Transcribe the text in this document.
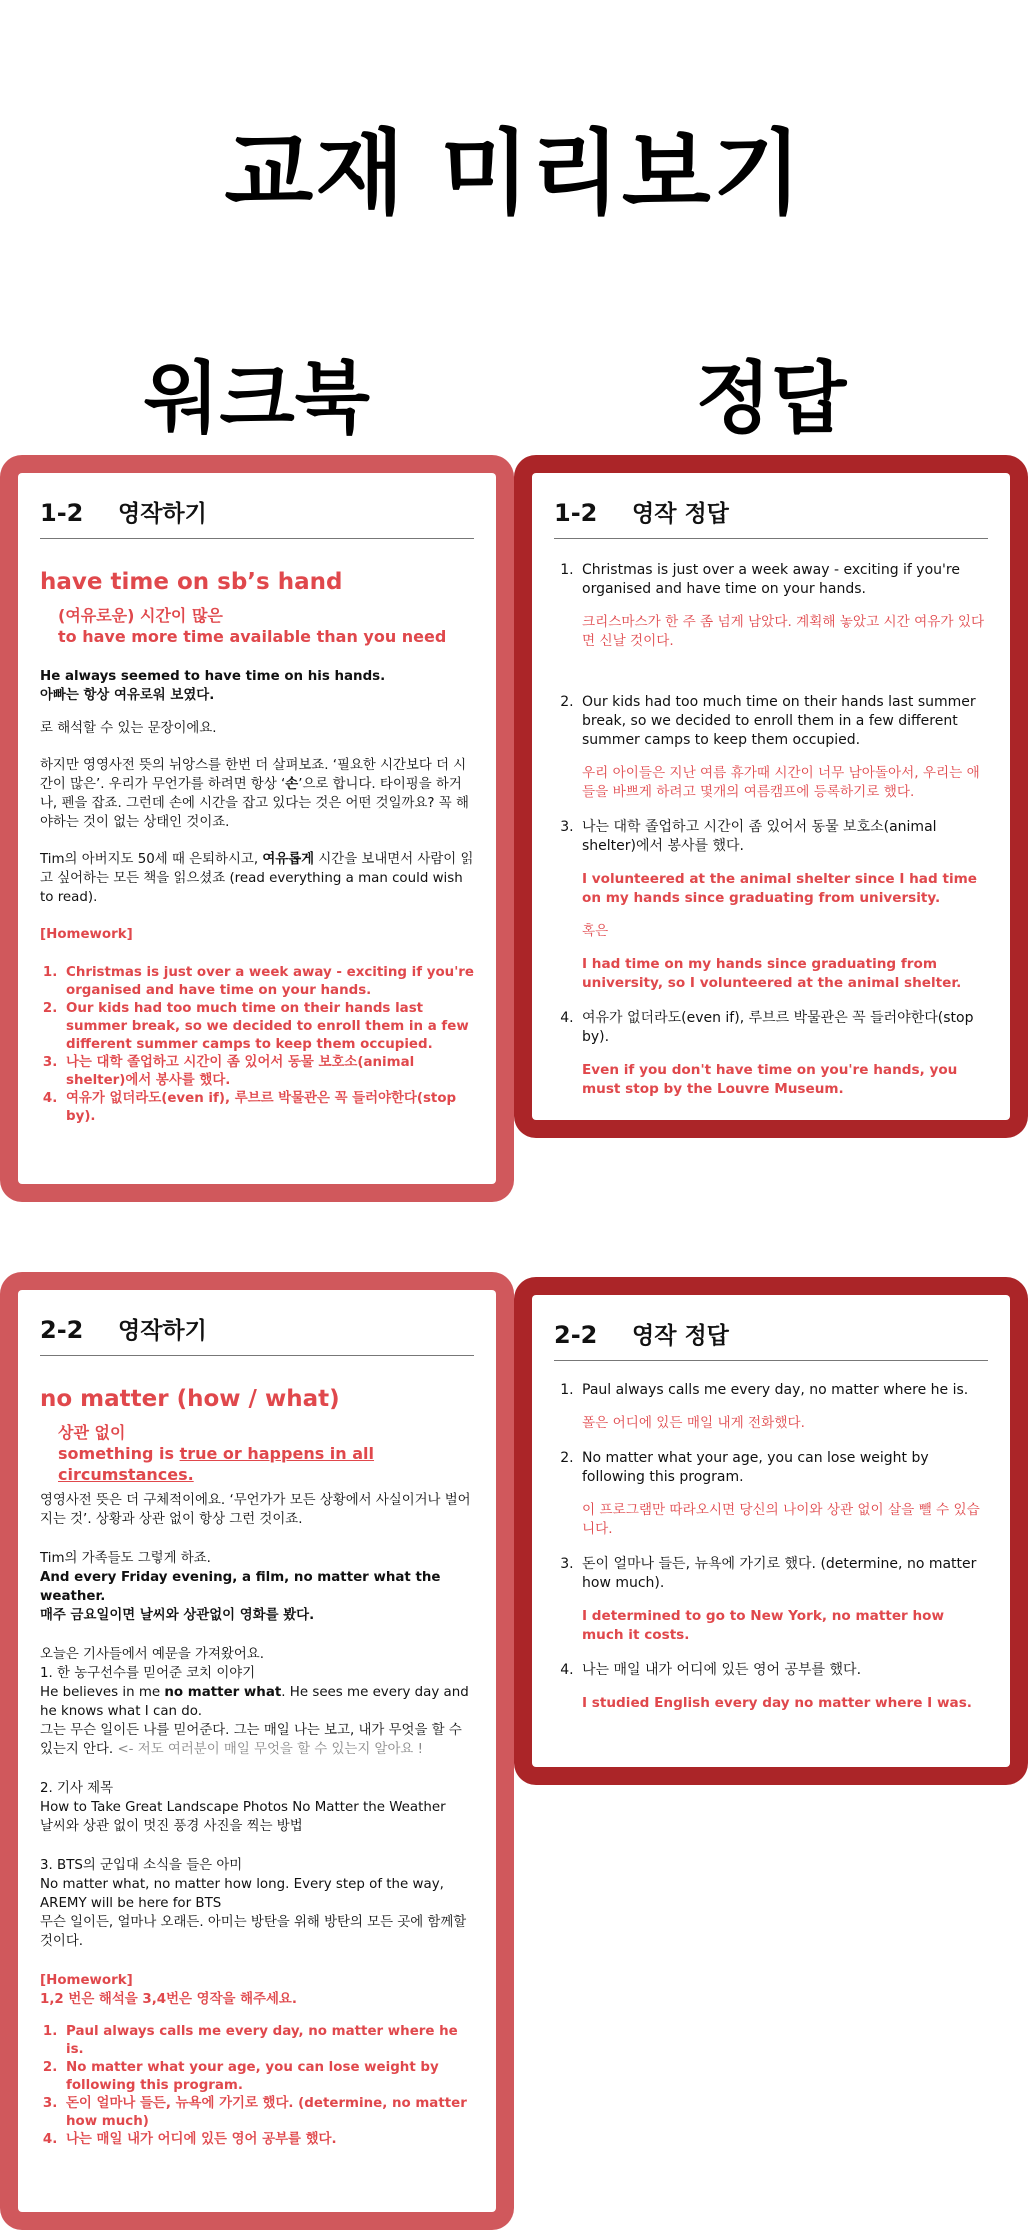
교재 미리보기
워크북	정답
1-2	영작하기
have time on sb’s hand
(여유로운) 시간이 많은
to have more time available than you need
He always seemed to have time on his hands.
아빠는 항상 여유로워 보였다.
로 해석할 수 있는 문장이에요.
하지만 영영사전 뜻의 뉘앙스를 한번 더 살펴보죠. ‘필요한 시간보다 더 시간이 많은’. 우리가 무언가를 하려면 항상 ‘손’으로 합니다. 타이핑을 하거나, 펜을 잡죠. 그런데 손에 시간을 잡고 있다는 것은 어떤 것일까요? 꼭 해야하는 것이 없는 상태인 것이죠.
Tim의 아버지도 50세 때 은퇴하시고, 여유롭게 시간을 보내면서 사람이 읽고 싶어하는 모든 책을 읽으셨죠 (read everything a man could wish to read).
[Homework]
1. Christmas is just over a week away - exciting if you're organised and have time on your hands.
2. Our kids had too much time on their hands last summer break, so we decided to enroll them in a few different summer camps to keep them occupied.
3. 나는 대학 졸업하고 시간이 좀 있어서 동물 보호소(animal shelter)에서 봉사를 했다.
4. 여유가 없더라도(even if), 루브르 박물관은 꼭 들러야한다(stop by).
1-2	영작 정답
1. Christmas is just over a week away - exciting if you're organised and have time on your hands.
크리스마스가 한 주 좀 넘게 남았다. 계획해 놓았고 시간 여유가 있다면 신날 것이다.
2. Our kids had too much time on their hands last summer break, so we decided to enroll them in a few different summer camps to keep them occupied.
우리 아이들은 지난 여름 휴가때 시간이 너무 남아돌아서, 우리는 애들을 바쁘게 하려고 몇개의 여름캠프에 등록하기로 했다.
3. 나는 대학 졸업하고 시간이 좀 있어서 동물 보호소(animal shelter)에서 봉사를 했다.
I volunteered at the animal shelter since I had time on my hands since graduating from university.
혹은
I had time on my hands since graduating from university, so I volunteered at the animal shelter.
4. 여유가 없더라도(even if), 루브르 박물관은 꼭 들러야한다(stop by).
Even if you don't have time on you're hands, you must stop by the Louvre Museum.
2-2	영작하기
no matter (how / what)
상관 없이
something is true or happens in all circumstances.
영영사전 뜻은 더 구체적이에요. ‘무언가가 모든 상황에서 사실이거나 벌어지는 것’. 상황과 상관 없이 항상 그런 것이죠.
Tim의 가족들도 그렇게 하죠.
And every Friday evening, a film, no matter what the weather.
매주 금요일이면 날씨와 상관없이 영화를 봤다.
오늘은 기사들에서 예문을 가져왔어요.
1. 한 농구선수를 믿어준 코치 이야기
He believes in me no matter what. He sees me every day and he knows what I can do.
그는 무슨 일이든 나를 믿어준다. 그는 매일 나는 보고, 내가 무엇을 할 수 있는지 안다. <- 저도 여러분이 매일 무엇을 할 수 있는지 알아요 !
2. 기사 제목
How to Take Great Landscape Photos No Matter the Weather
날씨와 상관 없이 멋진 풍경 사진을 찍는 방법
3. BTS의 군입대 소식을 들은 아미
No matter what, no matter how long. Every step of the way, AREMY will be here for BTS
무슨 일이든, 얼마나 오래든. 아미는 방탄을 위해 방탄의 모든 곳에 함께할 것이다.
[Homework]
1,2 번은 해석을 3,4번은 영작을 해주세요.
1. Paul always calls me every day, no matter where he is.
2. No matter what your age, you can lose weight by following this program.
3. 돈이 얼마나 들든, 뉴욕에 가기로 했다. (determine, no matter how much)
4. 나는 매일 내가 어디에 있든 영어 공부를 했다.
2-2	영작 정답
1. Paul always calls me every day, no matter where he is.
폴은 어디에 있든 매일 내게 전화했다.
2. No matter what your age, you can lose weight by following this program.
이 프로그램만 따라오시면 당신의 나이와 상관 없이 살을 뺄 수 있습니다.
3. 돈이 얼마나 들든, 뉴욕에 가기로 했다. (determine, no matter how much).
I determined to go to New York, no matter how much it costs.
4. 나는 매일 내가 어디에 있든 영어 공부를 했다.
I studied English every day no matter where I was.
